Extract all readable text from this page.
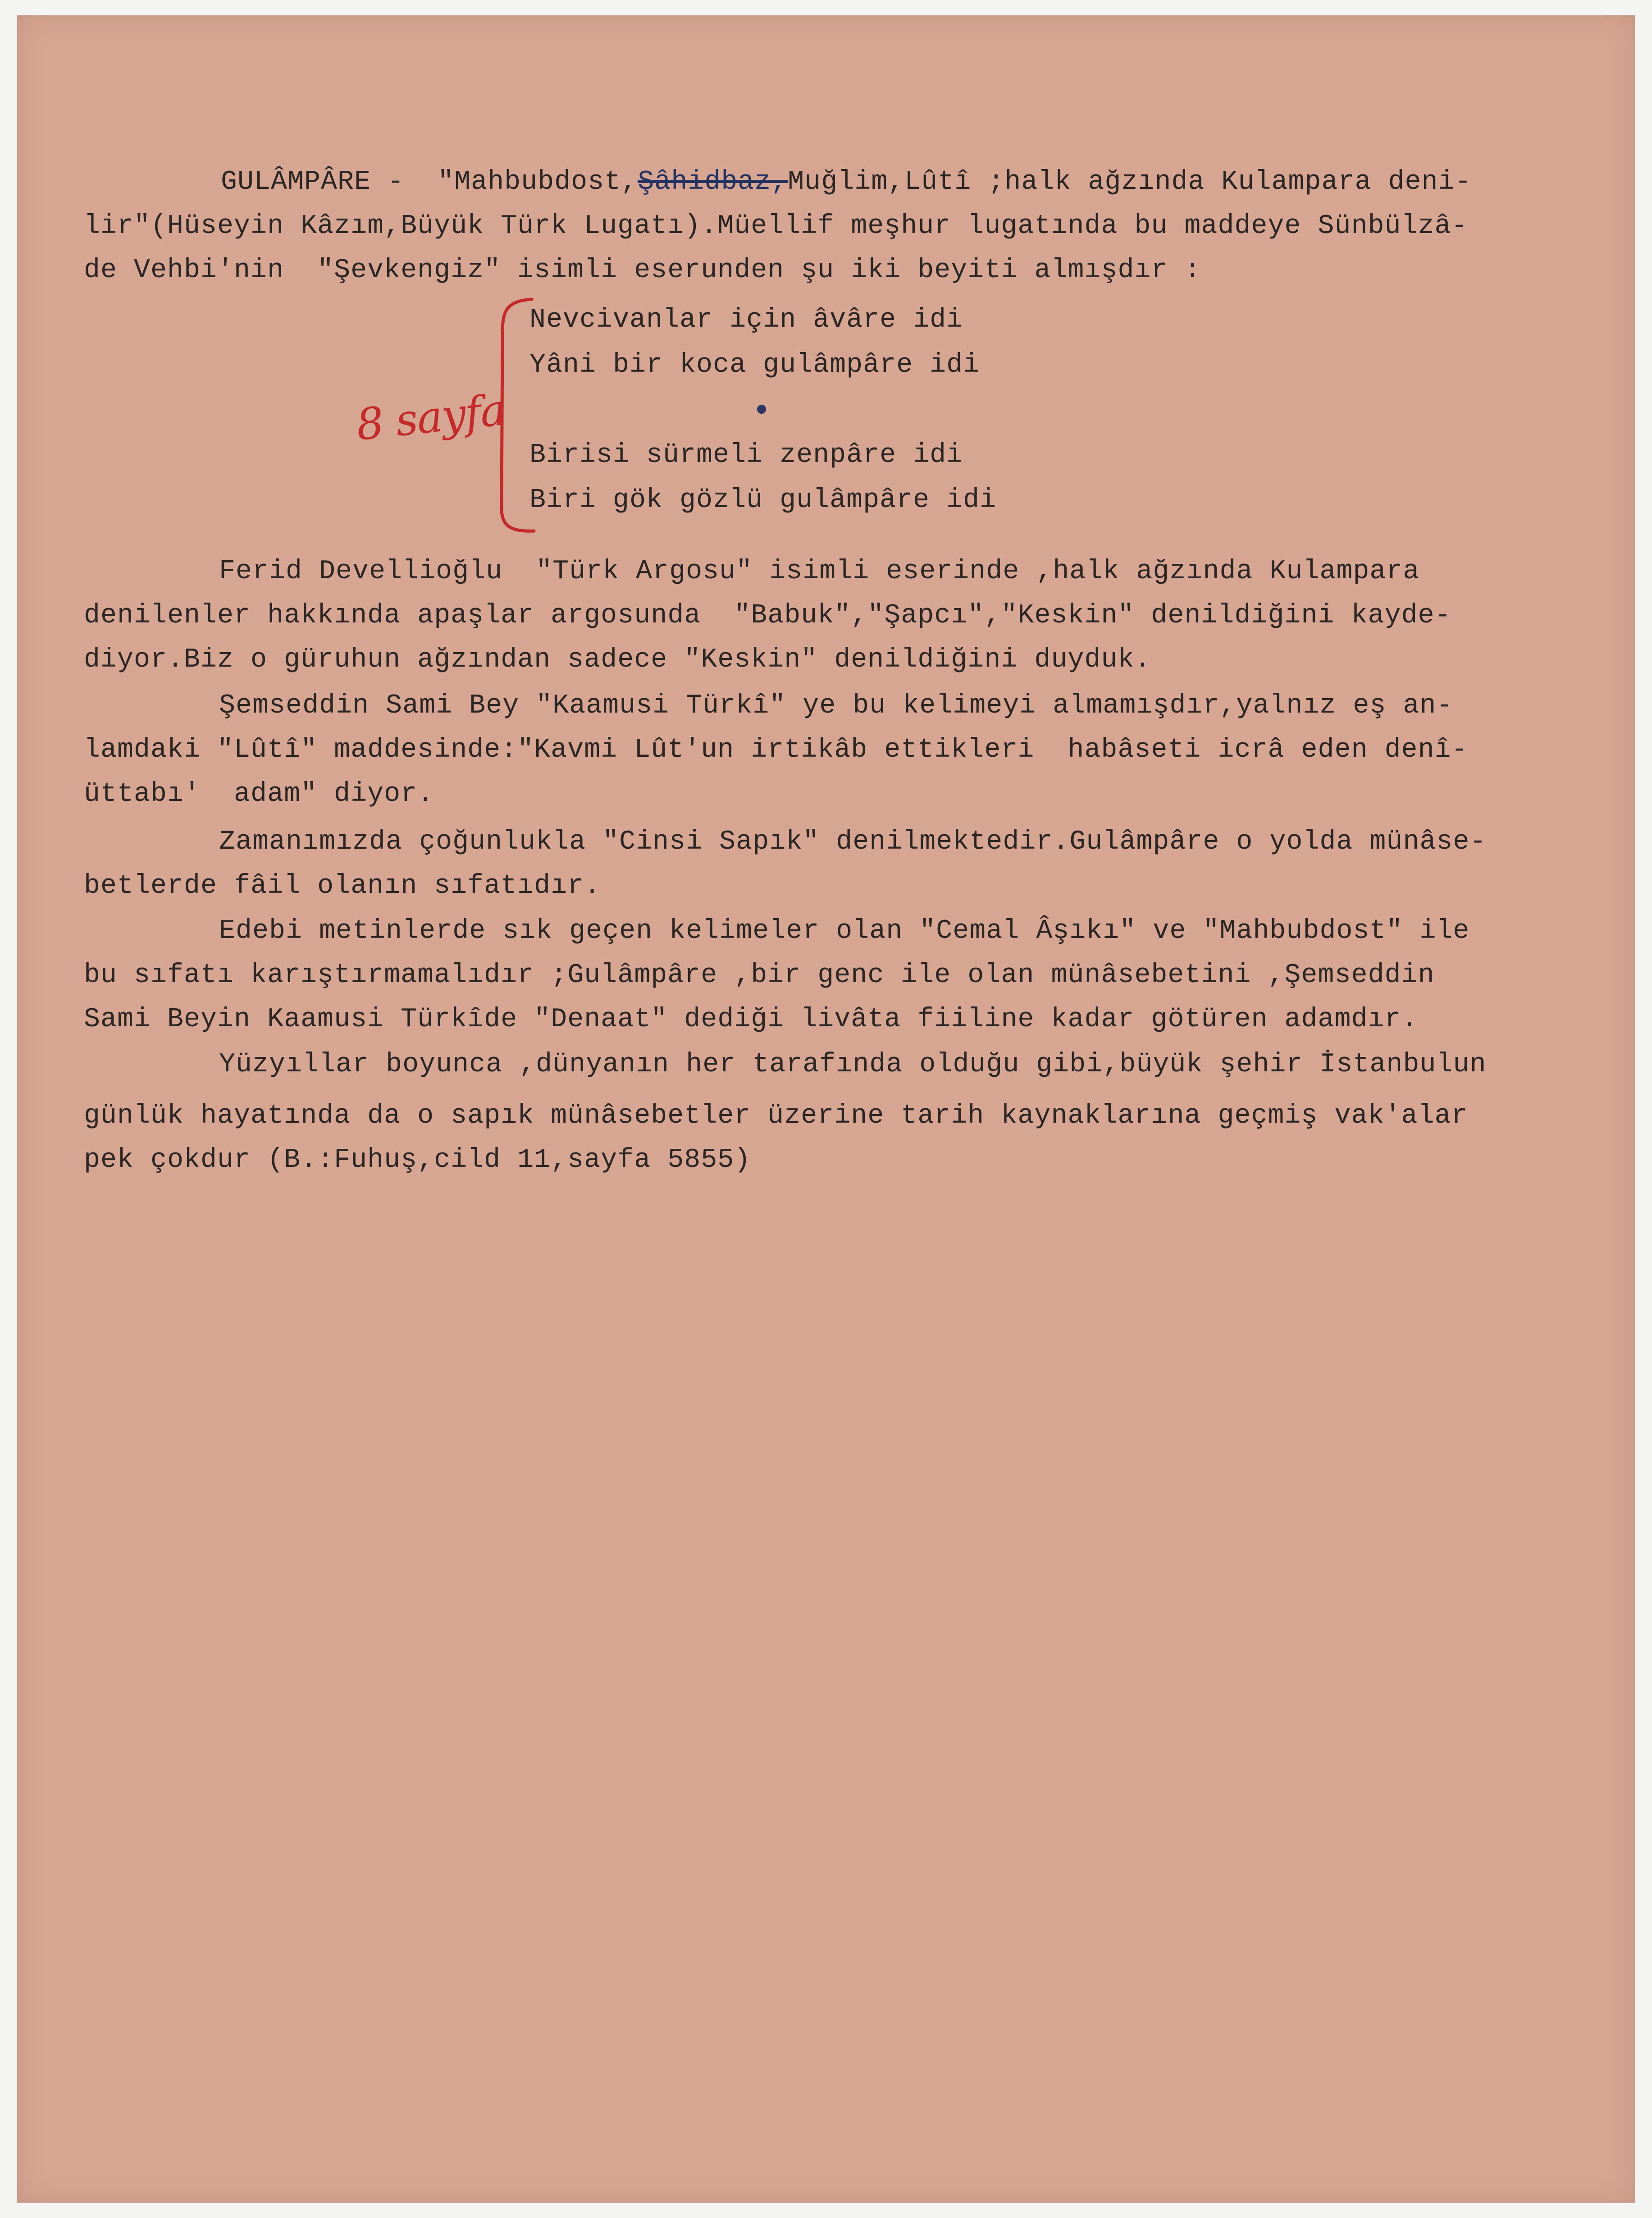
GULÂMPÂRE - "Mahbubdost,Şâhidbaz,Muğlim,Lûtî ;halk ağzında Kulampara deni-
lir"(Hüseyin Kâzım,Büyük Türk Lugatı).Müellif meşhur lugatında bu maddeye Sünbülzâ-
de Vehbi'nin  "Şevkengiz" isimli eserunden şu iki beyiti almışdır :
8 sayfa
Nevcivanlar için âvâre idi
Yâni bir koca gulâmpâre idi
Birisi sürmeli zenpâre idi
Biri gök gözlü gulâmpâre idi
Ferid Devellioğlu  "Türk Argosu" isimli eserinde ,halk ağzında Kulampara
denilenler hakkında apaşlar argosunda  "Babuk","Şapcı","Keskin" denildiğini kayde-
diyor.Biz o güruhun ağzından sadece "Keskin" denildiğini duyduk.
Şemseddin Sami Bey "Kaamusi Türkî" ye bu kelimeyi almamışdır,yalnız eş an-
lamdaki "Lûtî" maddesinde:"Kavmi Lût'un irtikâb ettikleri  habâseti icrâ eden denî-
üttabı'  adam" diyor.
Zamanımızda çoğunlukla "Cinsi Sapık" denilmektedir.Gulâmpâre o yolda münâse-
betlerde fâil olanın sıfatıdır.
Edebi metinlerde sık geçen kelimeler olan "Cemal Âşıkı" ve "Mahbubdost" ile
bu sıfatı karıştırmamalıdır ;Gulâmpâre ,bir genc ile olan münâsebetini ,Şemseddin
Sami Beyin Kaamusi Türkîde "Denaat" dediği livâta fiiline kadar götüren adamdır.
Yüzyıllar boyunca ,dünyanın her tarafında olduğu gibi,büyük şehir İstanbulun
günlük hayatında da o sapık münâsebetler üzerine tarih kaynaklarına geçmiş vak'alar
pek çokdur (B.:Fuhuş,cild 11,sayfa 5855)
